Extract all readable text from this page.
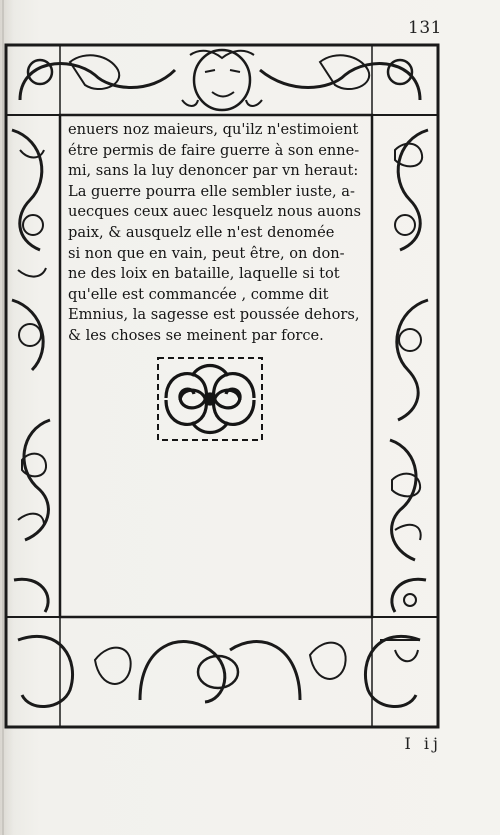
131
enuers noz maieurs, qu'ilz n'estimoient
étre permis de faire guerre à son enne-
mi, sans la luy denoncer par vn heraut:
La guerre pourra elle sembler iuste, a-
uecques ceux auec lesquelz nous auons
paix, & ausquelz elle n'est denomée
si non que en vain, peut être, on don-
ne des loix en bataille, laquelle si tot
qu'elle est commancée , comme dit
Emnius, la sagesse est poussée dehors,
& les choses se meinent par force.
I ij
